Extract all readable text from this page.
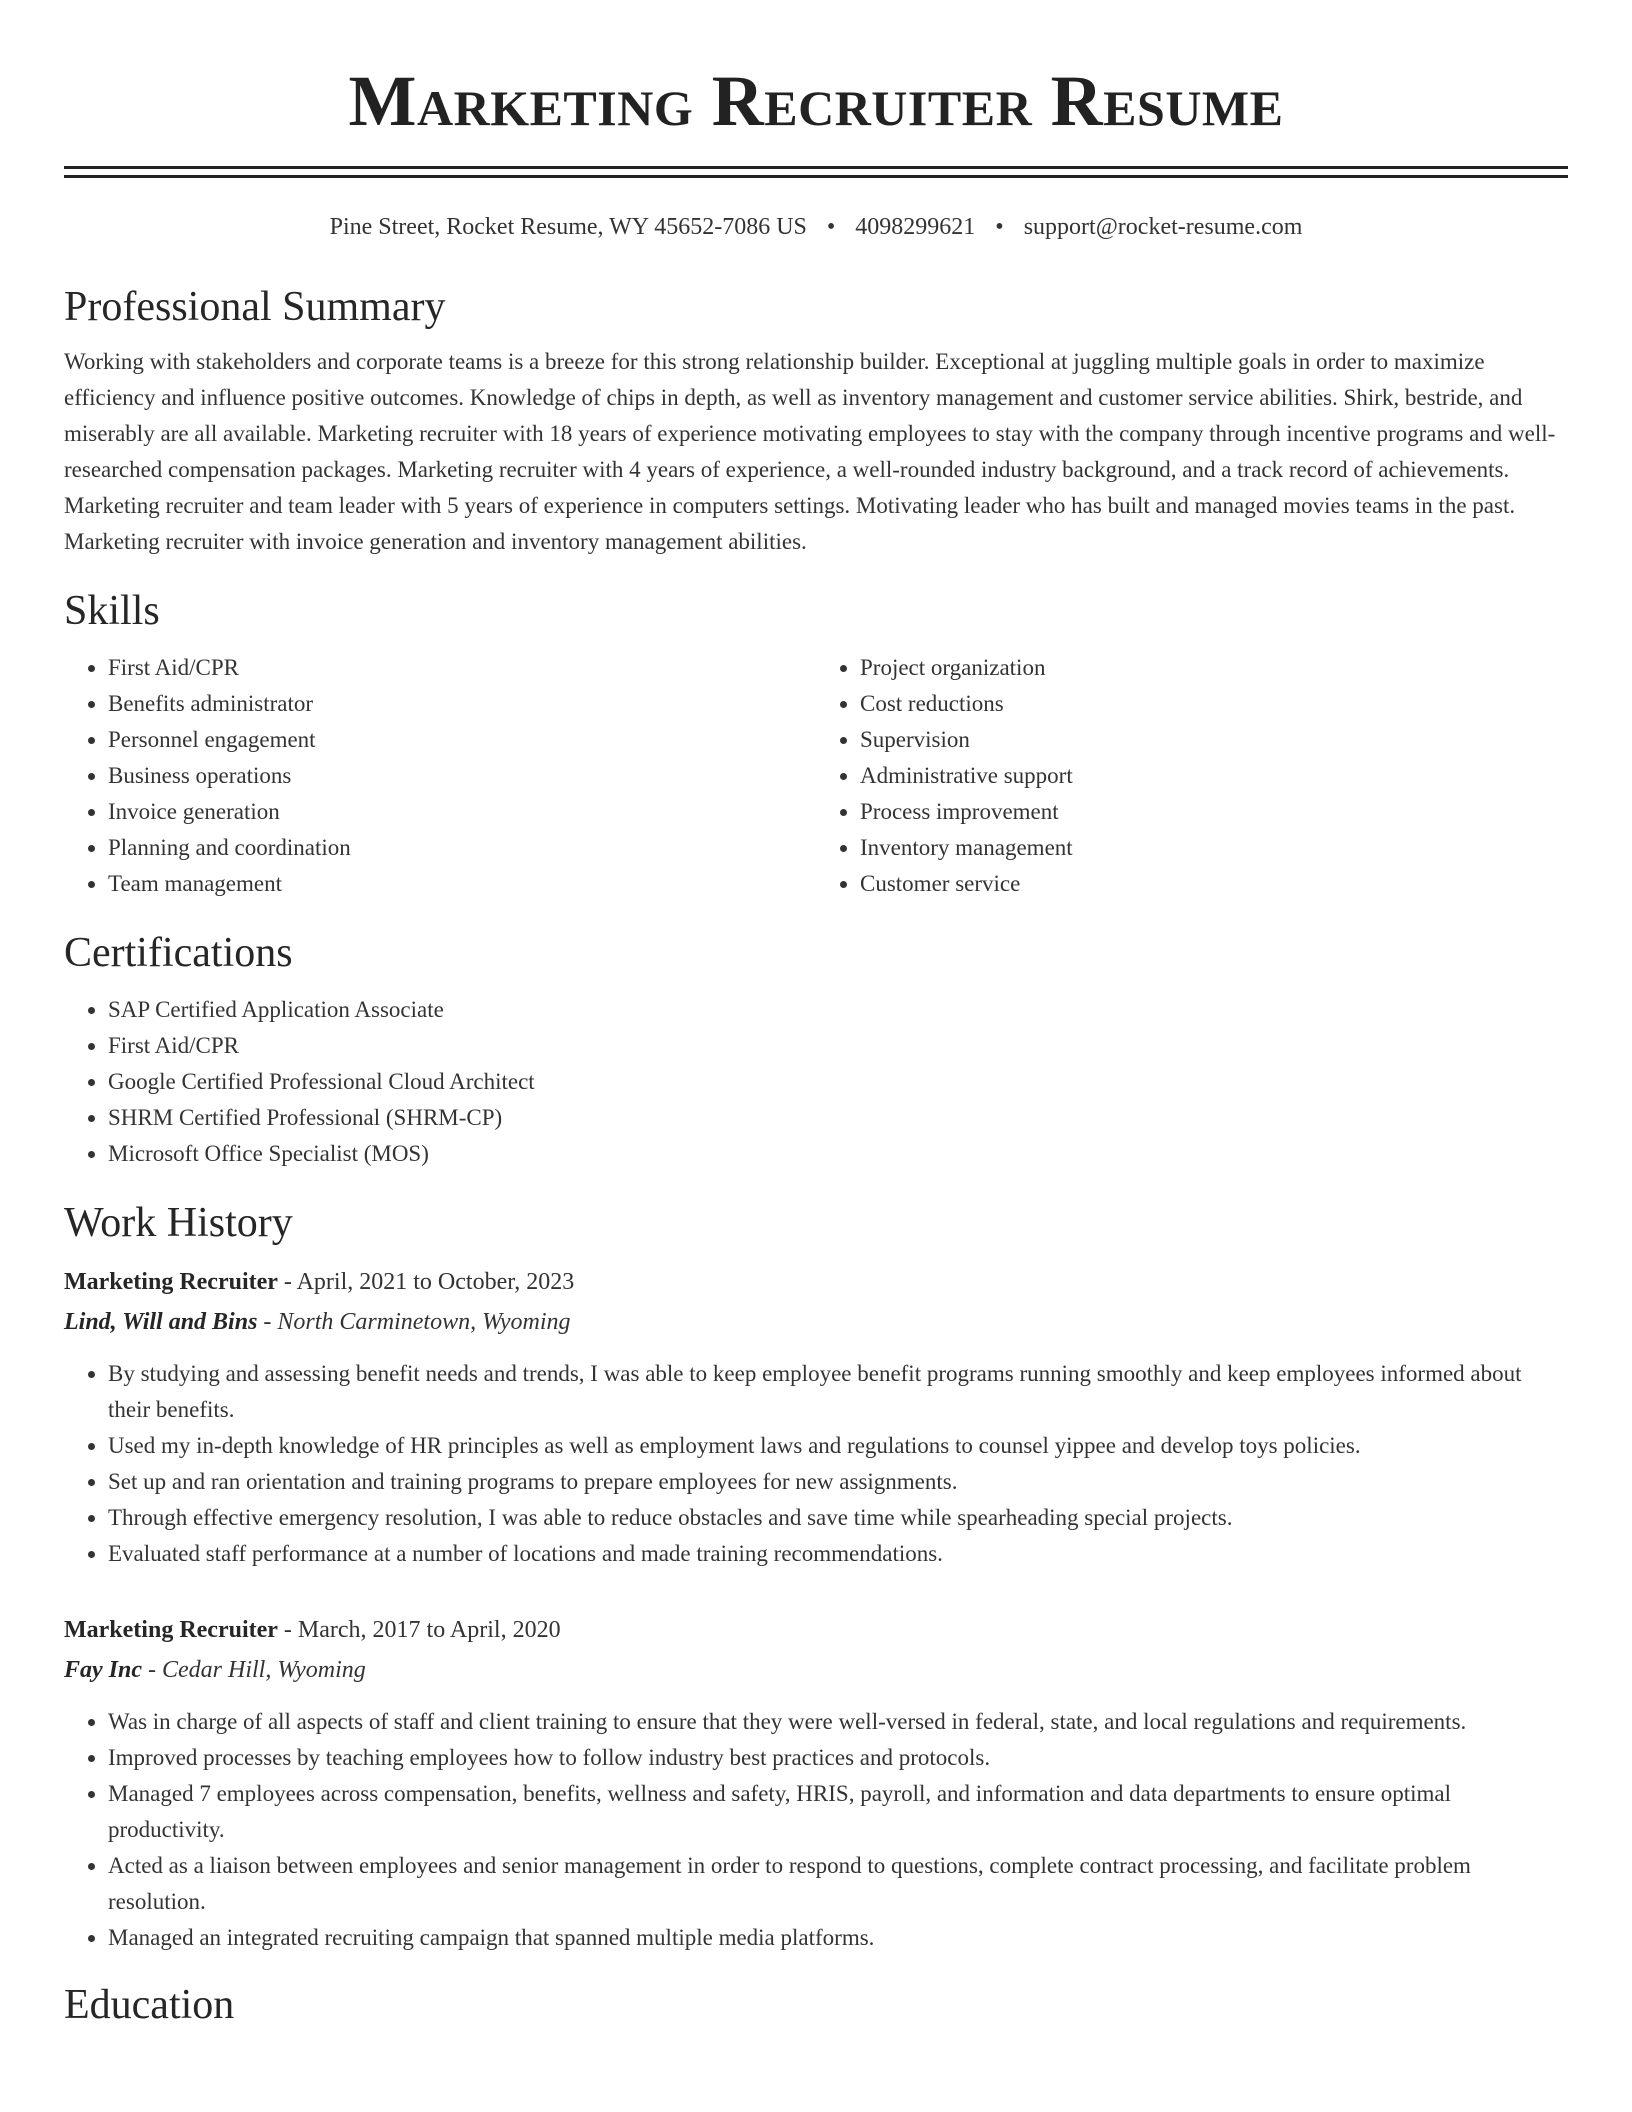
Marketing Recruiter Resume
Pine Street, Rocket Resume, WY 45652-7086 US • 4098299621 • support@rocket-resume.com
Professional Summary

Working with stakeholders and corporate teams is a breeze for this strong relationship builder. Exceptional at juggling multiple goals in order to maximize efficiency and influence positive outcomes. Knowledge of chips in depth, as well as inventory management and customer service abilities. Shirk, bestride, and miserably are all available. Marketing recruiter with 18 years of experience motivating employees to stay with the company through incentive programs and well-researched compensation packages. Marketing recruiter with 4 years of experience, a well-rounded industry background, and a track record of achievements. Marketing recruiter and team leader with 5 years of experience in computers settings. Motivating leader who has built and managed movies teams in the past. Marketing recruiter with invoice generation and inventory management abilities.

Skills
• First Aid/CPR
• Benefits administrator
• Personnel engagement
• Business operations
• Invoice generation
• Planning and coordination
• Team management
• Project organization
• Cost reductions
• Supervision
• Administrative support
• Process improvement
• Inventory management
• Customer service
Certifications
• SAP Certified Application Associate
• First Aid/CPR
• Google Certified Professional Cloud Architect
• SHRM Certified Professional (SHRM-CP)
• Microsoft Office Specialist (MOS)
Work History
Marketing Recruiter - April, 2021 to October, 2023
Lind, Will and Bins - North Carminetown, Wyoming
• By studying and assessing benefit needs and trends, I was able to keep employee benefit programs running smoothly and keep employees informed about their benefits.
• Used my in-depth knowledge of HR principles as well as employment laws and regulations to counsel yippee and develop toys policies.
• Set up and ran orientation and training programs to prepare employees for new assignments.
• Through effective emergency resolution, I was able to reduce obstacles and save time while spearheading special projects.
• Evaluated staff performance at a number of locations and made training recommendations.
Marketing Recruiter - March, 2017 to April, 2020
Fay Inc - Cedar Hill, Wyoming
• Was in charge of all aspects of staff and client training to ensure that they were well-versed in federal, state, and local regulations and requirements.
• Improved processes by teaching employees how to follow industry best practices and protocols.
• Managed 7 employees across compensation, benefits, wellness and safety, HRIS, payroll, and information and data departments to ensure optimal productivity.
• Acted as a liaison between employees and senior management in order to respond to questions, complete contract processing, and facilitate problem resolution.
• Managed an integrated recruiting campaign that spanned multiple media platforms.
Education
